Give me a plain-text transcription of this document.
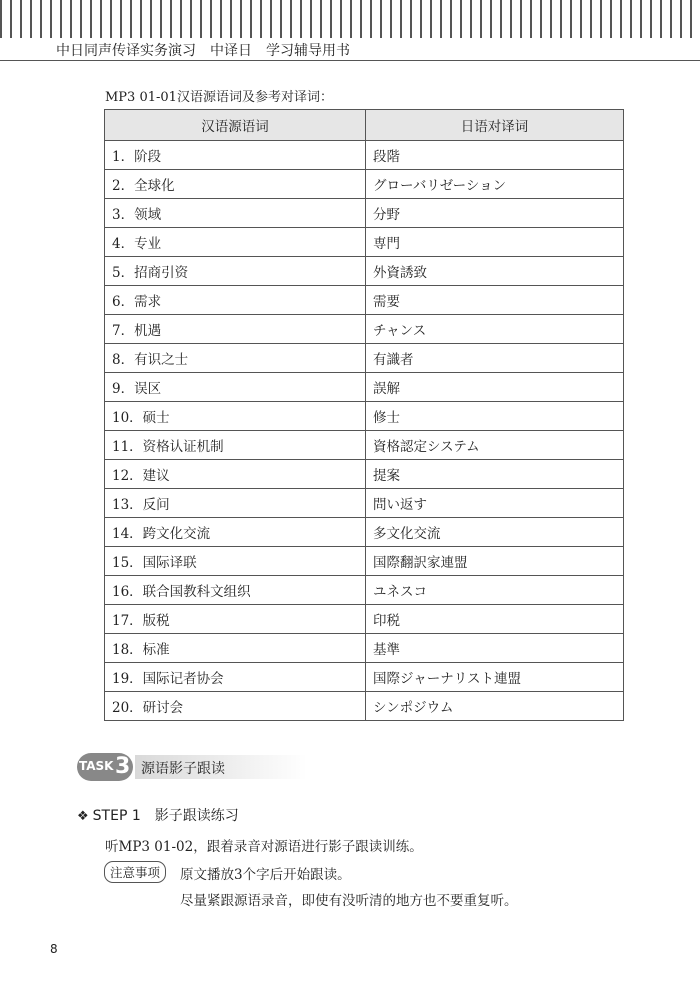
中日同声传译实务演习　中译日　学习辅导用书
MP3 01-01汉语源语词及参考对译词：
汉语源语词	日语对译词
1．阶段	段階
2．全球化	グローバリゼーション
3．领域	分野
4．专业	専門
5．招商引资	外資誘致
6．需求	需要
7．机遇	チャンス
8．有识之士	有識者
9．误区	誤解
10．硕士	修士
11．资格认证机制	資格認定システム
12．建议	提案
13．反问	問い返す
14．跨文化交流	多文化交流
15．国际译联	国際翻訳家連盟
16．联合国教科文组织	ユネスコ
17．版税	印税
18．标准	基準
19．国际记者协会	国際ジャーナリスト連盟
20．研讨会	シンポジウム
TASK 3 源语影子跟读
❖ STEP 1　影子跟读练习
听MP3 01-02，跟着录音对源语进行影子跟读训练。
注意事项	原文播放3个字后开始跟读。
尽量紧跟源语录音，即使有没听清的地方也不要重复听。
8
